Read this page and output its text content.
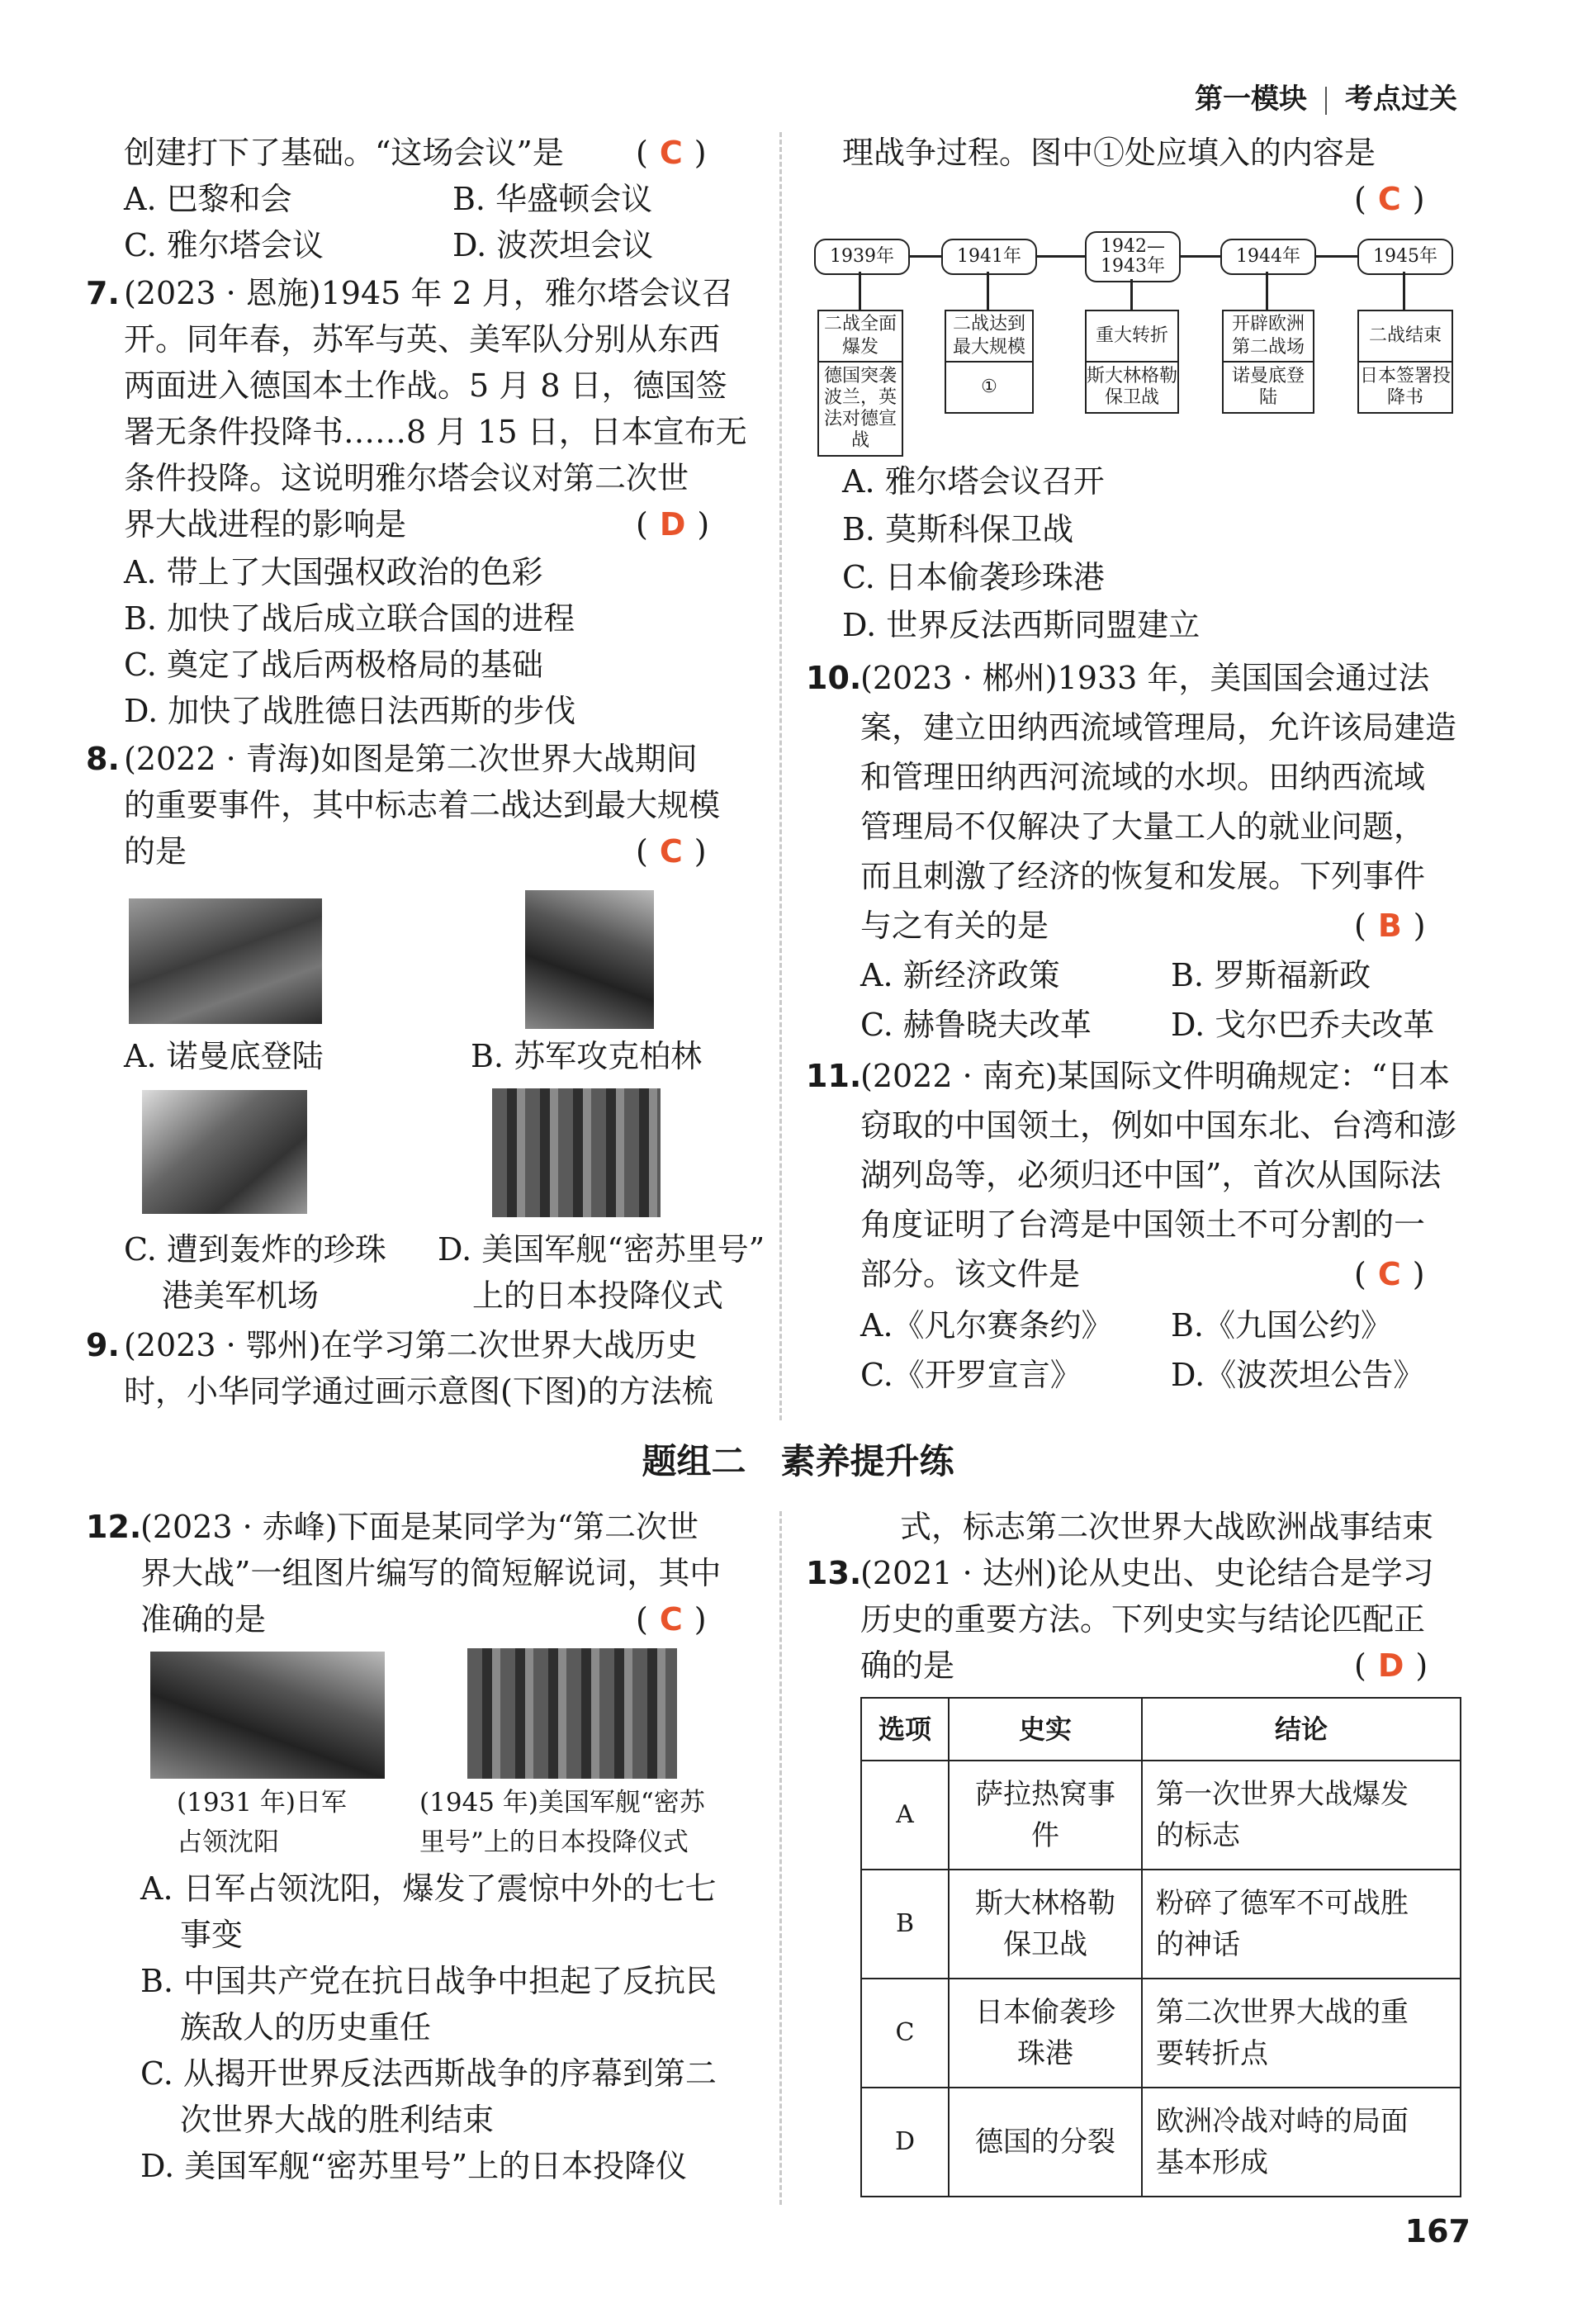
第一模块 考点过关
创建打下了基础。“这场会议”是 ( C )
A. 巴黎和会	B. 华盛顿会议
C. 雅尔塔会议	D. 波茨坦会议
7. (2023 · 恩施)1945 年 2 月，雅尔塔会议召
开。同年春，苏军与英、美军队分别从东西
两面进入德国本土作战。5 月 8 日，德国签
署无条件投降书……8 月 15 日，日本宣布无
条件投降。这说明雅尔塔会议对第二次世
界大战进程的影响是	( D )
A. 带上了大国强权政治的色彩
B. 加快了战后成立联合国的进程
C. 奠定了战后两极格局的基础
D. 加快了战胜德日法西斯的步伐
8. (2022 · 青海)如图是第二次世界大战期间
的重要事件，其中标志着二战达到最大规模
的是	( C )
A. 诺曼底登陆	B. 苏军攻克柏林
C. 遭到轰炸的珍珠
港美军机场
D. 美国军舰“密苏里号”
上的日本投降仪式
9. (2023 · 鄂州)在学习第二次世界大战历史
时，小华同学通过画示意图(下图)的方法梳
理战争过程。图中①处应填入的内容是
( C )
1939年	1941年	1942—1943年	1944年	1945年
二战全面爆发
德国突袭波兰，英法对德宣战
二战达到最大规模
①
重大转折
斯大林格勒保卫战
开辟欧洲第二战场
诺曼底登陆
二战结束
日本签署投降书
A. 雅尔塔会议召开
B. 莫斯科保卫战
C. 日本偷袭珍珠港
D. 世界反法西斯同盟建立
10.
(2023 · 郴州)1933 年，美国国会通过法
案，建立田纳西流域管理局，允许该局建造
和管理田纳西河流域的水坝。田纳西流域
管理局不仅解决了大量工人的就业问题，
而且刺激了经济的恢复和发展。下列事件
与之有关的是	( B )
A. 新经济政策	B. 罗斯福新政
C. 赫鲁晓夫改革	D. 戈尔巴乔夫改革
11.
(2022 · 南充)某国际文件明确规定：“日本
窃取的中国领土，例如中国东北、台湾和澎
湖列岛等，必须归还中国”，首次从国际法
角度证明了台湾是中国领土不可分割的一
部分。该文件是	( C )
A.《凡尔赛条约》 B.《九国公约》
C.《开罗宣言》	D.《波茨坦公告》
题组二　素养提升练
12.
(2023 · 赤峰)下面是某同学为“第二次世
界大战”一组图片编写的简短解说词，其中
准确的是	( C )
(1931 年)日军
占领沈阳
(1945 年)美国军舰“密苏
里号”上的日本投降仪式
A. 日军占领沈阳，爆发了震惊中外的七七
事变
B. 中国共产党在抗日战争中担起了反抗民
族敌人的历史重任
C. 从揭开世界反法西斯战争的序幕到第二
次世界大战的胜利结束
D. 美国军舰“密苏里号”上的日本投降仪
式，标志第二次世界大战欧洲战事结束
13.
(2021 · 达州)论从史出、史论结合是学习
历史的重要方法。下列史实与结论匹配正
确的是	( D )
选项	史实	结论
A	萨拉热窝事件	第一次世界大战爆发
的标志

B	斯大林格勒保卫战	粉碎了德军不可战胜
的神话

C	日本偷袭珍珠港	第二次世界大战的重
要转折点

D	德国的分裂	欧洲冷战对峙的局面
基本形成
167
